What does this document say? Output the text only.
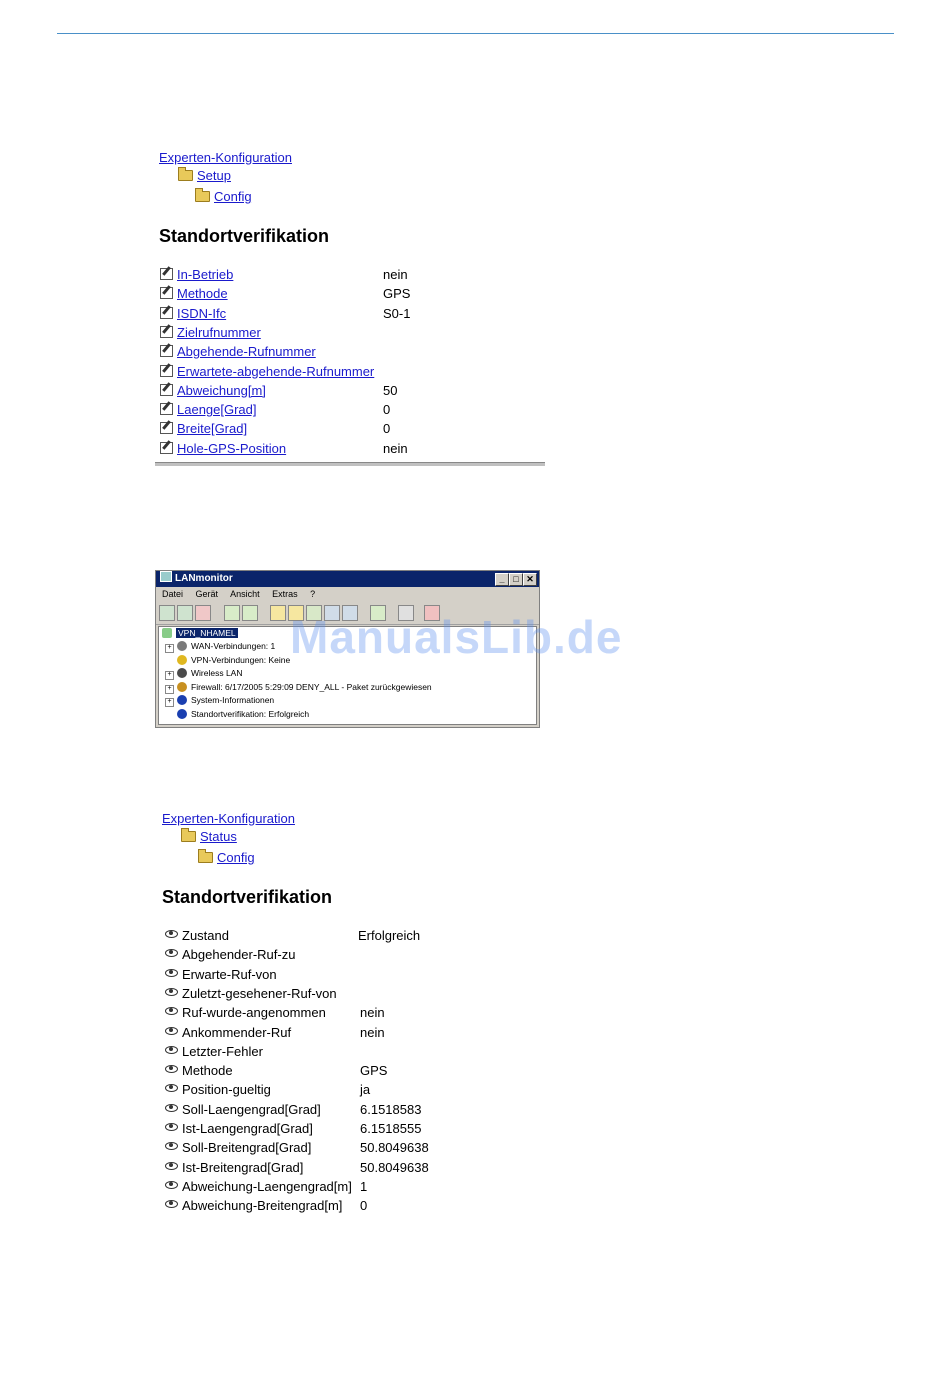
Experten-Konfiguration
Setup
Config
Standortverifikation
In-Betrieb	nein
Methode	GPS
ISDN-Ifc	S0-1
Zielrufnummer
Abgehende-Rufnummer
Erwartete-abgehende-Rufnummer
Abweichung[m]	50
Laenge[Grad]	0
Breite[Grad]	0
Hole-GPS-Position	nein
LANmonitor	_ □ ✕
Datei Gerät Ansicht Extras ?
VPN_NHAMEL
+ WAN-Verbindungen: 1
VPN-Verbindungen: Keine
+ Wireless LAN
+ Firewall: 6/17/2005 5:29:09 DENY_ALL - Paket zurückgewiesen
+ System-Informationen
Standortverifikation: Erfolgreich
ManualsLib.de
Experten-Konfiguration
Status
Config
Standortverifikation
Zustand	Erfolgreich
Abgehender-Ruf-zu
Erwarte-Ruf-von
Zuletzt-gesehener-Ruf-von
Ruf-wurde-angenommen	nein
Ankommender-Ruf	nein
Letzter-Fehler
Methode	GPS
Position-gueltig	ja
Soll-Laengengrad[Grad]	6.1518583
Ist-Laengengrad[Grad]	6.1518555
Soll-Breitengrad[Grad]	50.8049638
Ist-Breitengrad[Grad]	50.8049638
Abweichung-Laengengrad[m] 1
Abweichung-Breitengrad[m] 0
